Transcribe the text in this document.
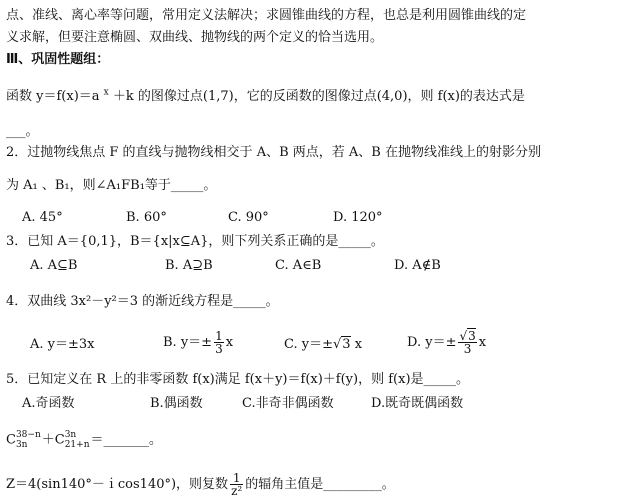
点、准线、离心率等问题，常用定义法解决；求圆锥曲线的方程，也总是利用圆锥曲线的定
义求解，但要注意椭圆、双曲线、抛物线的两个定义的恰当选用。
Ⅲ、巩固性题组：
函数 y＝f(x)＝a $^x$ ＋k 的图像过点(1,7)，它的反函数的图像过点(4,0)，则 f(x)的表达式是
___。
2．过抛物线焦点 F 的直线与抛物线相交于 A、B 两点，若 A、B 在抛物线准线上的射影分别
为 A₁ 、B₁，则∠A₁FB₁等于_____。
A. 45°	B. 60°	C. 90°	D. 120°
3．已知 A＝{0,1}，B＝{x|x⊆A}，则下列关系正确的是_____。
A. A⊆B	B. A⊇B	C. A∈B	D. A∉B
4．双曲线 3x²－y²＝3 的渐近线方程是_____。
A. y＝±3x	B. $y=\pm \frac{1}{3}$ x	C. y＝±√3 x	D. $y=\pm \frac{√3}{3}$ x
5．已知定义在 R 上的非零函数 f(x)满足 f(x＋y)＝f(x)＋f(y)，则 f(x)是_____。
A.奇函数	B.偶函数	C.非奇非偶函数	D.既奇既偶函数
C 38−n
3n	＋C 3n
21+n ＝_______。
Z＝4(sin140°－ｉcos140°)，则复数 $\frac{1}{\text{z²}}$ 的辐角主值是_________。
